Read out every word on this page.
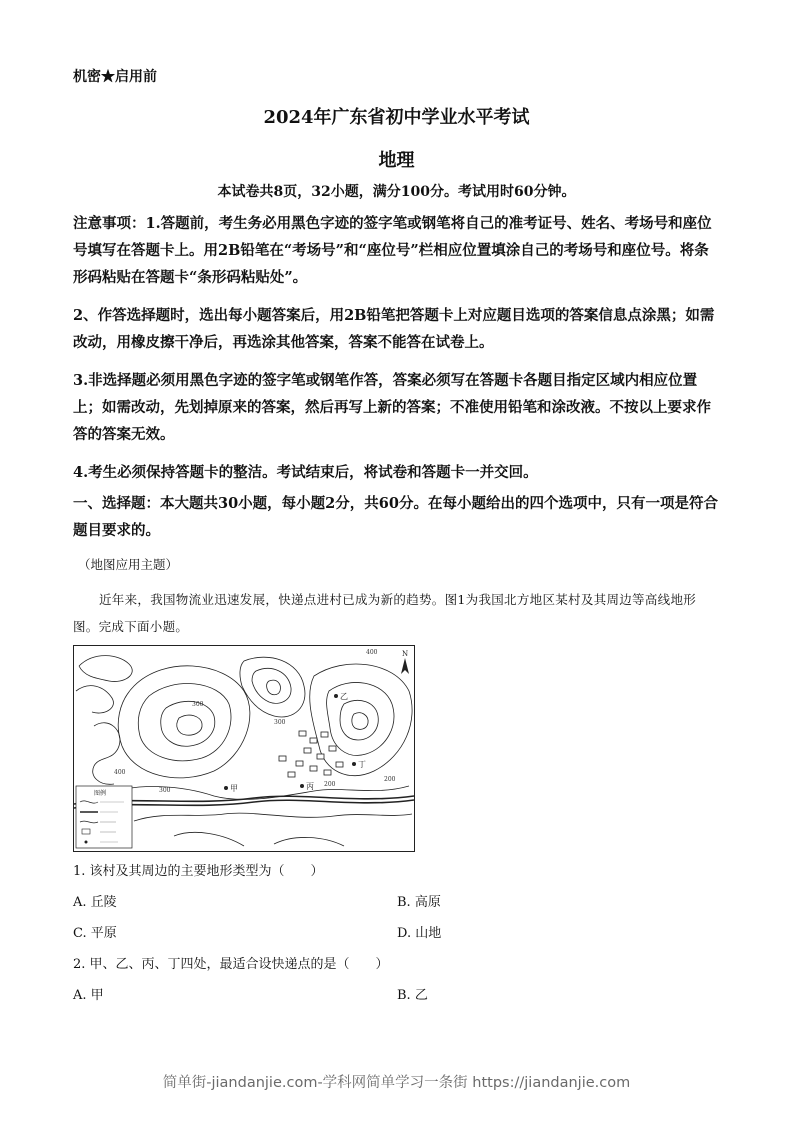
机密★启用前
2024年广东省初中学业水平考试
地理
本试卷共8页，32小题，满分100分。考试用时60分钟。
注意事项：1.答题前，考生务必用黑色字迹的签字笔或钢笔将自己的准考证号、姓名、考场号和座位号填写在答题卡上。用2B铅笔在“考场号”和“座位号”栏相应位置填涂自己的考场号和座位号。将条形码粘贴在答题卡“条形码粘贴处”。
2、作答选择题时，选出每小题答案后，用2B铅笔把答题卡上对应题目选项的答案信息点涂黑；如需改动，用橡皮擦干净后，再选涂其他答案，答案不能答在试卷上。
3.非选择题必须用黑色字迹的签字笔或钢笔作答，答案必须写在答题卡各题目指定区域内相应位置上；如需改动，先划掉原来的答案，然后再写上新的答案；不准使用铅笔和涂改液。不按以上要求作答的答案无效。
4.考生必须保持答题卡的整洁。考试结束后，将试卷和答题卡一并交回。
一、选择题：本大题共30小题，每小题2分，共60分。在每小题给出的四个选项中，只有一项是符合题目要求的。
（地图应用主题）
近年来，我国物流业迅速发展，快递点进村已成为新的趋势。图1为我国北方地区某村及其周边等高线地形图。完成下面小题。
甲
乙
丙
丁
400
300
300
400
300
200
200
N
图例
1. 该村及其周边的主要地形类型为（　　）
A. 丘陵	B. 高原
C. 平原	D. 山地
2. 甲、乙、丙、丁四处，最适合设快递点的是（　　）
A. 甲	B. 乙
简单街-jiandanjie.com-学科网简单学习一条街 https://jiandanjie.com
